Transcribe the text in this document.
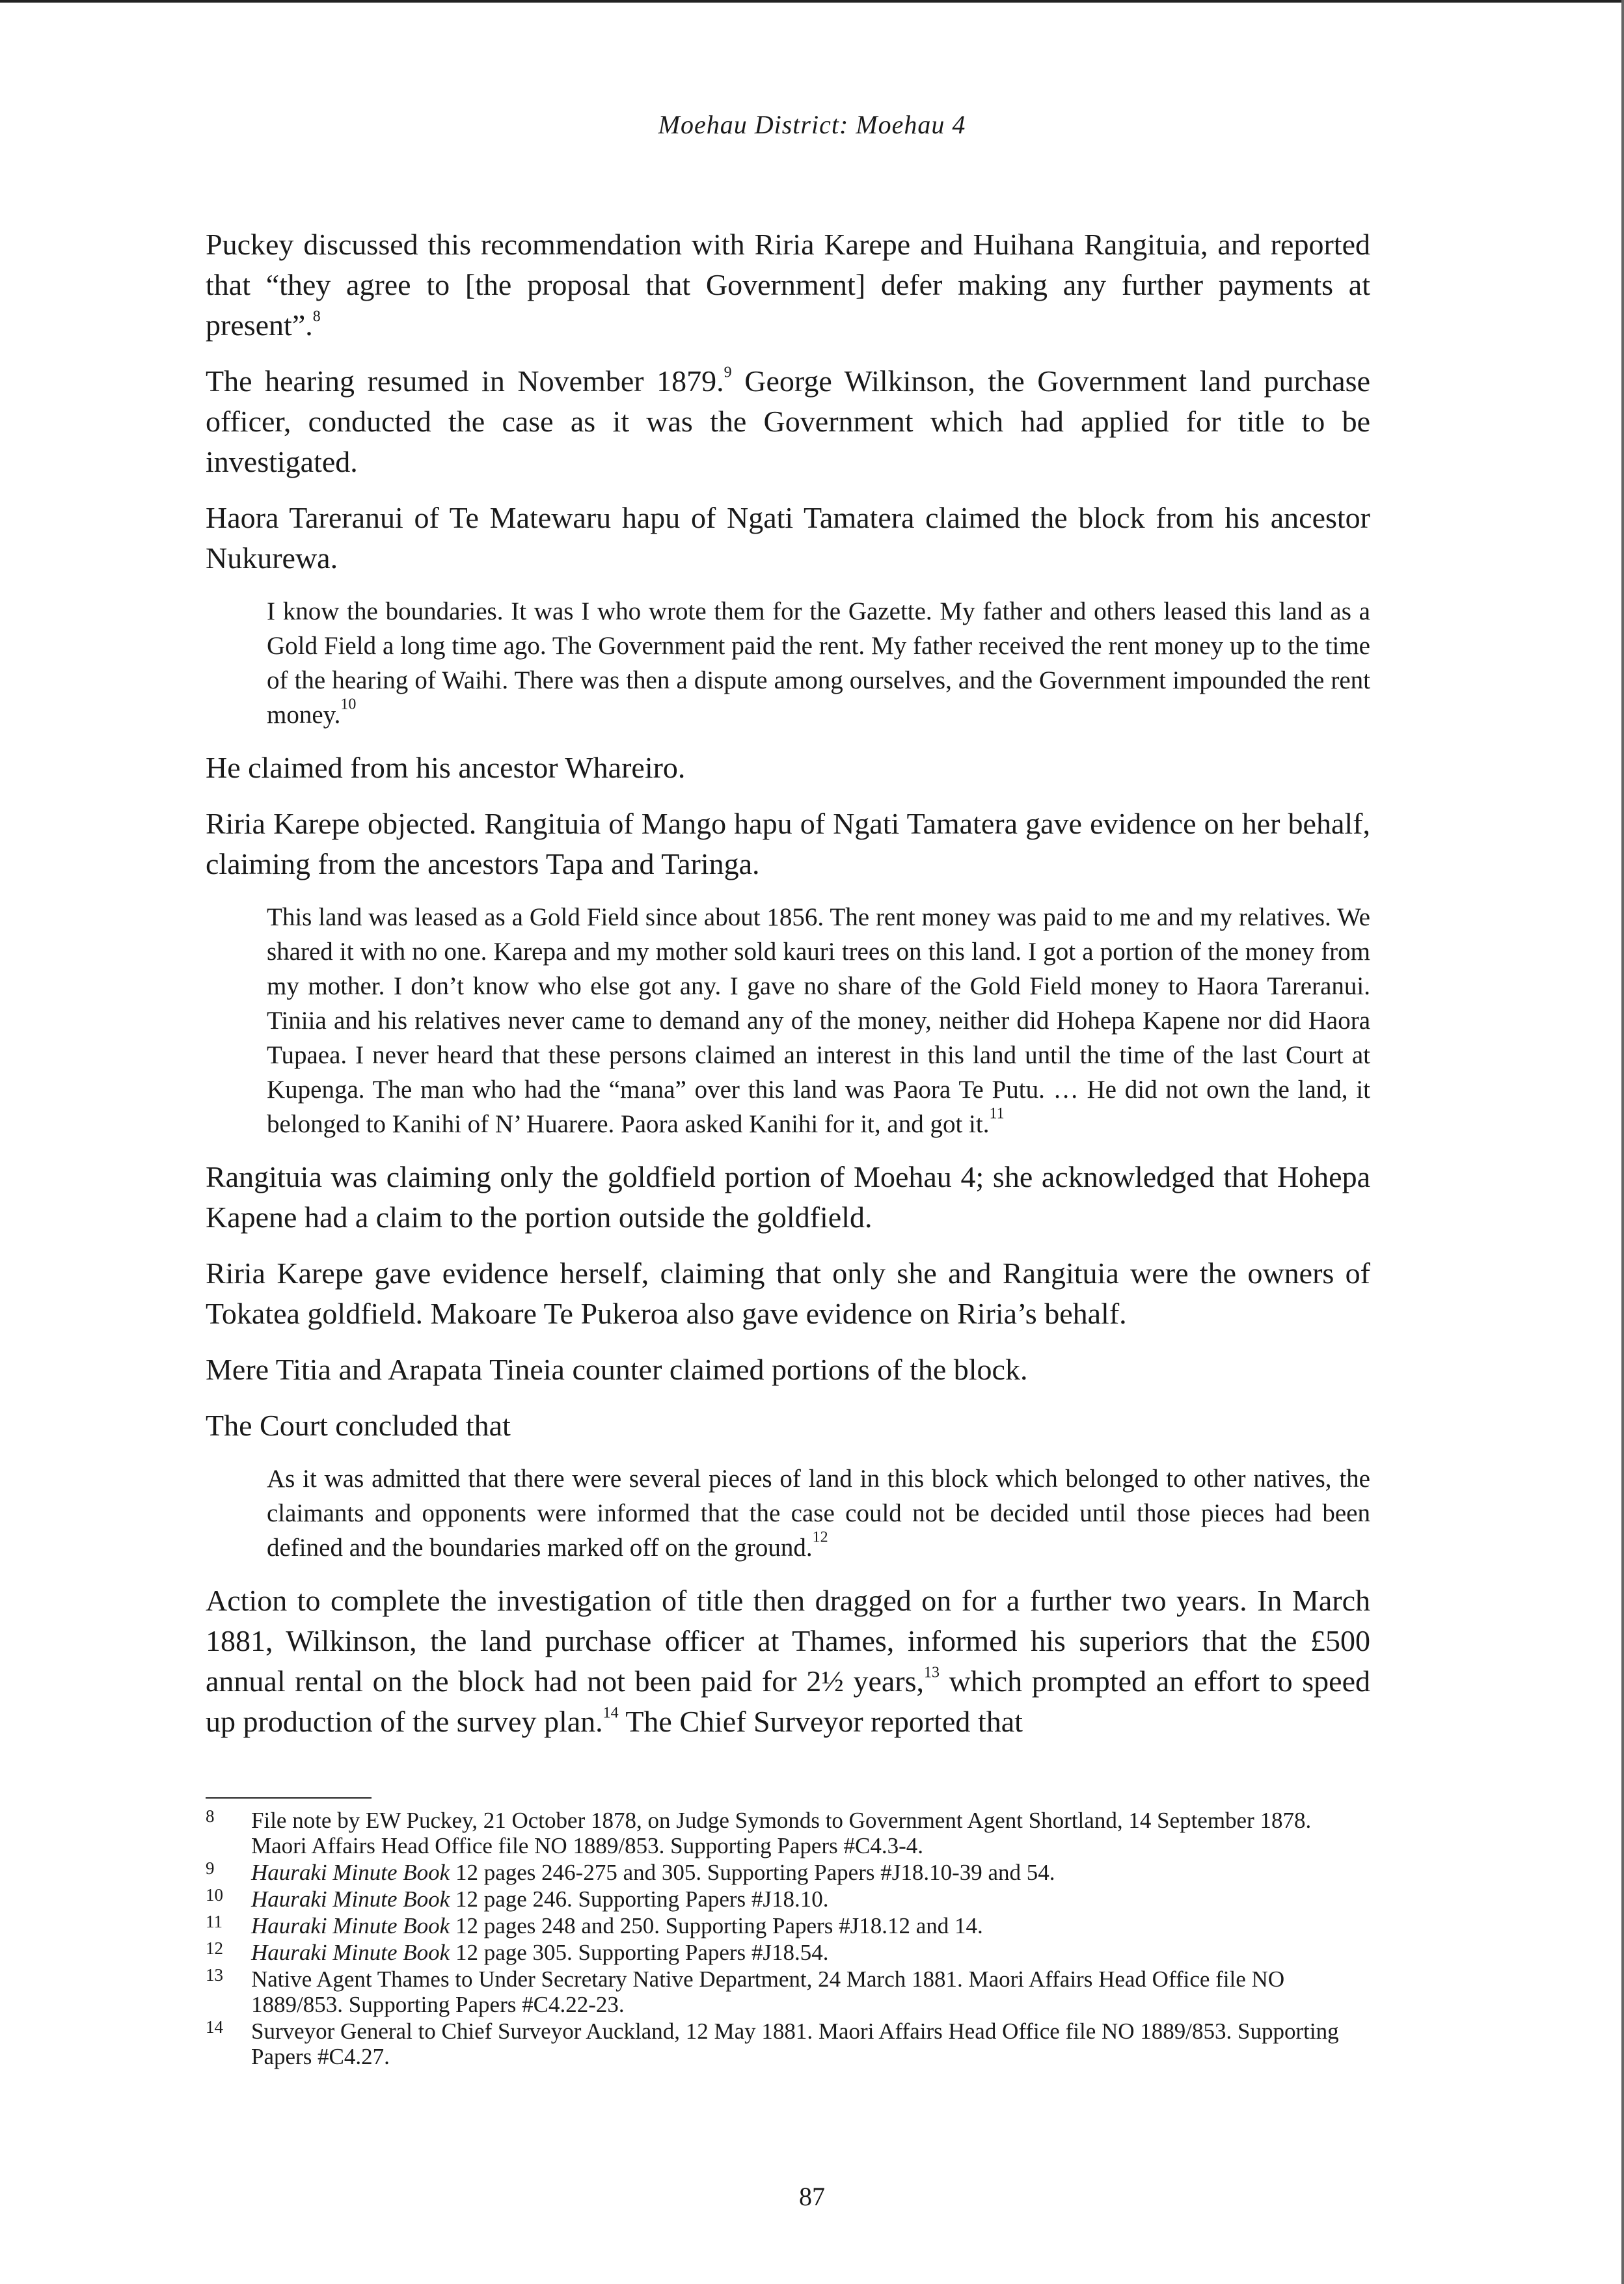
Moehau District: Moehau 4

Puckey discussed this recommendation with Riria Karepe and Huihana Rangituia, and reported that “they agree to [the proposal that Government] defer making any further payments at present”.$^8$

The hearing resumed in November 1879.$^9$ George Wilkinson, the Government land purchase officer, conducted the case as it was the Government which had applied for title to be investigated.

Haora Tareranui of Te Matewaru hapu of Ngati Tamatera claimed the block from his ancestor Nukurewa.

I know the boundaries. It was I who wrote them for the Gazette. My father and others leased this land as a Gold Field a long time ago. The Government paid the rent. My father received the rent money up to the time of the hearing of Waihi. There was then a dispute among ourselves, and the Government impounded the rent money.$^{10}$

He claimed from his ancestor Whareiro.

Riria Karepe objected. Rangituia of Mango hapu of Ngati Tamatera gave evidence on her behalf, claiming from the ancestors Tapa and Taringa.

This land was leased as a Gold Field since about 1856. The rent money was paid to me and my relatives. We shared it with no one. Karepa and my mother sold kauri trees on this land. I got a portion of the money from my mother. I don’t know who else got any. I gave no share of the Gold Field money to Haora Tareranui. Tiniia and his relatives never came to demand any of the money, neither did Hohepa Kapene nor did Haora Tupaea. I never heard that these persons claimed an interest in this land until the time of the last Court at Kupenga. The man who had the “mana” over this land was Paora Te Putu. … He did not own the land, it belonged to Kanihi of N’ Huarere. Paora asked Kanihi for it, and got it.$^{11}$

Rangituia was claiming only the goldfield portion of Moehau 4; she acknowledged that Hohepa Kapene had a claim to the portion outside the goldfield.

Riria Karepe gave evidence herself, claiming that only she and Rangituia were the owners of Tokatea goldfield. Makoare Te Pukeroa also gave evidence on Riria’s behalf.

Mere Titia and Arapata Tineia counter claimed portions of the block.

The Court concluded that

As it was admitted that there were several pieces of land in this block which belonged to other natives, the claimants and opponents were informed that the case could not be decided until those pieces had been defined and the boundaries marked off on the ground.$^{12}$

Action to complete the investigation of title then dragged on for a further two years. In March 1881, Wilkinson, the land purchase officer at Thames, informed his superiors that the £500 annual rental on the block had not been paid for 2½ years,$^{13}$ which prompted an effort to speed up production of the survey plan.$^{14}$ The Chief Surveyor reported that

8 File note by EW Puckey, 21 October 1878, on Judge Symonds to Government Agent Shortland, 14 September 1878. Maori Affairs Head Office file NO 1889/853. Supporting Papers #C4.3-4.
9 Hauraki Minute Book 12 pages 246-275 and 305. Supporting Papers #J18.10-39 and 54.
10 Hauraki Minute Book 12 page 246. Supporting Papers #J18.10.
11 Hauraki Minute Book 12 pages 248 and 250. Supporting Papers #J18.12 and 14.
12 Hauraki Minute Book 12 page 305. Supporting Papers #J18.54.
13 Native Agent Thames to Under Secretary Native Department, 24 March 1881. Maori Affairs Head Office file NO 1889/853. Supporting Papers #C4.22-23.
14 Surveyor General to Chief Surveyor Auckland, 12 May 1881. Maori Affairs Head Office file NO 1889/853. Supporting Papers #C4.27.
87
